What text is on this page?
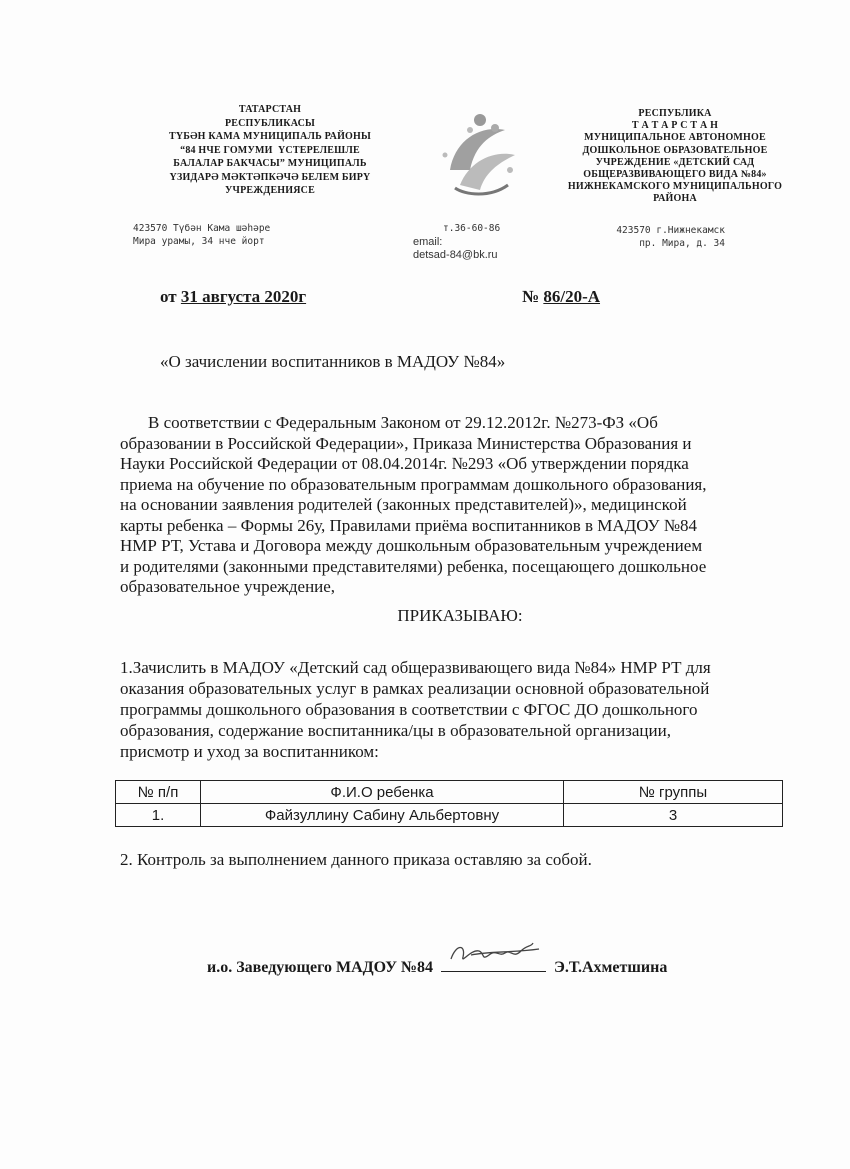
ТАТАРСТАН
РЕСПУБЛИКАСЫ
ТҮБӘН КАМА МУНИЦИПАЛЬ РАЙОНЫ
“84 НЧЕ ГОМУМИ  ҮСТЕРЕЛЕШЛЕ
БАЛАЛАР БАКЧАСЫ” МУНИЦИПАЛЬ
ҮЗИДАРӘ МӘКТӘПКӘЧӘ БЕЛЕМ БИРҮ
УЧРЕЖДЕНИЯСЕ
РЕСПУБЛИКА
Т А Т А Р С Т А Н
МУНИЦИПАЛЬНОЕ АВТОНОМНОЕ
ДОШКОЛЬНОЕ ОБРАЗОВАТЕЛЬНОЕ
УЧРЕЖДЕНИЕ «ДЕТСКИЙ САД
ОБЩЕРАЗВИВАЮЩЕГО ВИДА №84»
НИЖНЕКАМСКОГО МУНИЦИПАЛЬНОГО
РАЙОНА
423570 Түбән Кама шәһәре
Мира урамы, 34 нче йорт
т.36-60-86
email:
detsad-84@bk.ru
423570 г.Нижнекамск
пр. Мира, д. 34
от 31 августа 2020г	№ 86/20-А
«О зачислении воспитанников в МАДОУ №84»
В соответствии с Федеральным Законом от 29.12.2012г. №273-ФЗ «Об
образовании в Российской Федерации», Приказа Министерства Образования и
Науки Российской Федерации от 08.04.2014г. №293 «Об утверждении порядка
приема на обучение по образовательным программам дошкольного образования,
на основании заявления родителей (законных представителей)», медицинской
карты ребенка – Формы 26у, Правилами приёма воспитанников в МАДОУ №84
НМР РТ, Устава и Договора между дошкольным образовательным учреждением
и родителями (законными представителями) ребенка, посещающего дошкольное
образовательное учреждение,
ПРИКАЗЫВАЮ:
1.Зачислить в МАДОУ «Детский сад общеразвивающего вида №84» НМР РТ для
оказания образовательных услуг в рамках реализации основной образовательной
программы дошкольного образования в соответствии с ФГОС ДО дошкольного
образования, содержание воспитанника/цы в образовательной организации,
присмотр и уход за воспитанником:
№ п/п	Ф.И.О ребенка	№ группы
1.	Файзуллину Сабину Альбертовну	3
2. Контроль за выполнением данного приказа оставляю за собой.
и.о. Заведующего МАДОУ №84	Э.Т.Ахметшина
